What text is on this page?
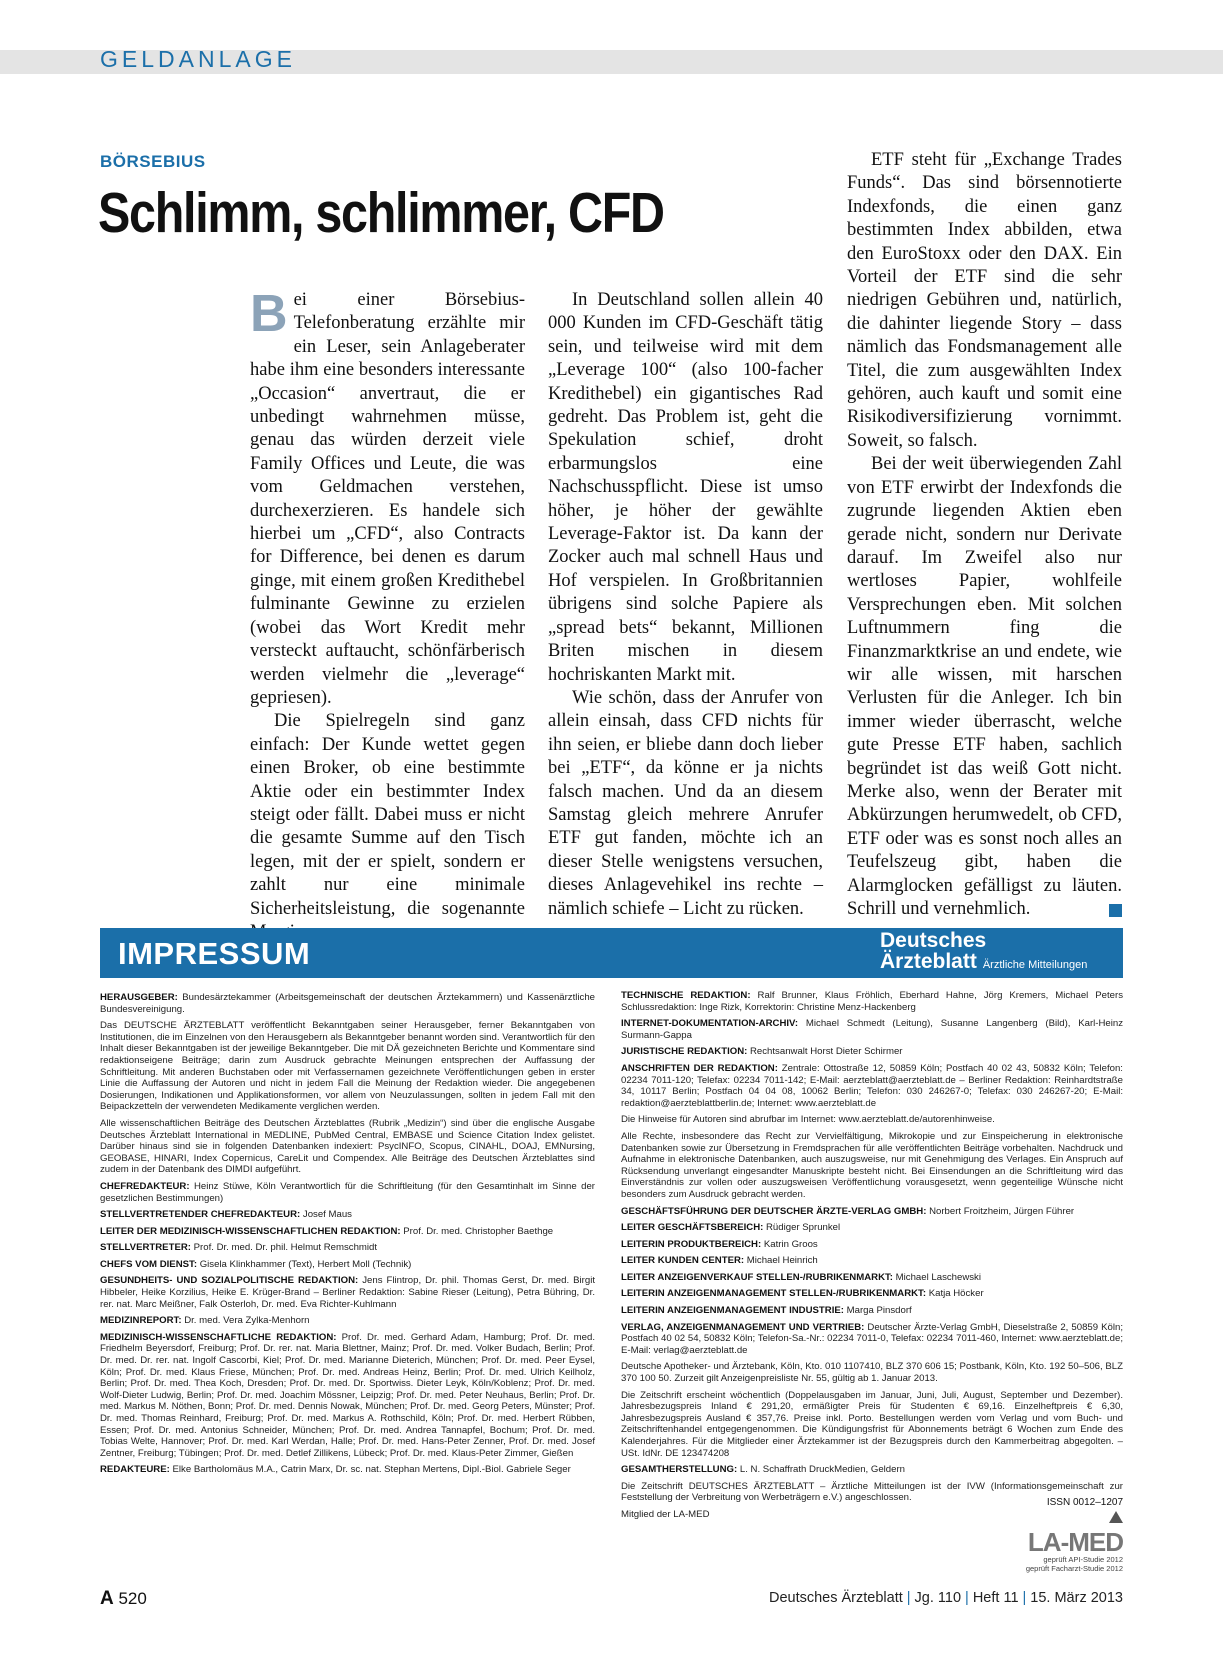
GELDANLAGE
BÖRSEBIUS
Schlimm, schlimmer, CFD

Bei einer Börsebius-Telefonberatung erzählte mir ein Leser, sein Anlageberater habe ihm eine besonders interessante „Occasion“ anvertraut, die er unbedingt wahrnehmen müsse, genau das würden derzeit viele Family Offices und Leute, die was vom Geldmachen verstehen, durchexerzieren. Es handele sich hierbei um „CFD“, also Contracts for Difference, bei denen es darum ginge, mit einem großen Kredithebel fulminante Gewinne zu erzielen (wobei das Wort Kredit mehr versteckt auftaucht, schönfärberisch werden vielmehr die „leverage“ gepriesen).

Die Spielregeln sind ganz einfach: Der Kunde wettet gegen einen Broker, ob eine bestimmte Aktie oder ein bestimmter Index steigt oder fällt. Dabei muss er nicht die gesamte Summe auf den Tisch legen, mit der er spielt, sondern er zahlt nur eine minimale Sicherheitsleistung, die sogenannte

In Deutschland sollen allein 40 000 Kunden im CFD-Geschäft tätig sein, und teilweise wird mit dem „Leverage 100“ (also 100-facher Kredithebel) ein gigantisches Rad gedreht. Das Problem ist, geht die Spekulation schief, droht erbarmungslos eine Nachschusspflicht. Diese ist umso höher, je höher der gewählte Leverage-Faktor ist. Da kann der Zocker auch mal schnell Haus und Hof verspielen. In Großbritannien übrigens sind solche Papiere als „spread bets“ bekannt, Millionen Briten mischen in diesem hochriskanten Markt mit.

Wie schön, dass der Anrufer von allein einsah, dass CFD nichts für ihn seien, er bliebe dann doch lieber bei „ETF“, da könne er ja nichts falsch machen. Und da an diesem Samstag gleich mehrere Anrufer ETF gut fanden, möchte ich an dieser Stelle wenigstens versuchen, dieses Anlagevehikel ins rechte – nämlich schiefe – Licht zu rücken.

ETF steht für „Exchange Trades Funds“. Das sind börsennotierte Indexfonds, die einen ganz bestimmten Index abbilden, etwa den EuroStoxx oder den DAX. Ein Vorteil der ETF sind die sehr niedrigen Gebühren und, natürlich, die dahinter liegende Story – dass nämlich das Fondsmanagement alle Titel, die zum ausgewählten Index gehören, auch kauft und somit eine Risikodiversifizierung vornimmt. Soweit, so falsch.

Bei der weit überwiegenden Zahl von ETF erwirbt der Indexfonds die zugrunde liegenden Aktien eben gerade nicht, sondern nur Derivate darauf. Im Zweifel also nur wertloses Papier, wohlfeile Versprechungen eben. Mit solchen Luftnummern fing die Finanzmarktkrise an und endete, wie wir alle wissen, mit harschen Verlusten für die Anleger. Ich bin immer wieder überrascht, welche gute Presse ETF haben, sachlich begründet ist das weiß Gott nicht. Merke also, wenn der Berater mit Abkürzungen herumwedelt, ob CFD, ETF oder was es sonst noch alles an Teufelszeug gibt, haben die Alarmglocken gefälligst zu läuten. Schrill und vernehmlich.

IMPRESSUM	Deutsches
Ärzteblatt Ärztliche Mitteilungen

HERAUSGEBER: Bundesärztekammer (Arbeitsgemeinschaft der deutschen Ärztekammern) und Kassenärztliche Bundesvereinigung.

Das DEUTSCHE ÄRZTEBLATT veröffentlicht Bekanntgaben seiner Herausgeber, ferner Bekanntgaben von Institutionen, die im Einzelnen von den Herausgebern als Bekanntgeber benannt worden sind. Verantwortlich für den Inhalt dieser Bekanntgaben ist der jeweilige Bekanntgeber. Die mit DÄ gezeichneten Berichte und Kommentare sind redaktionseigene Beiträge; darin zum Ausdruck gebrachte Meinungen entsprechen der Auffassung der Schriftleitung. Mit anderen Buchstaben oder mit Verfassernamen gezeichnete Veröffentlichungen geben in erster Linie die Auffassung der Autoren und nicht in jedem Fall die Meinung der Redaktion wieder. Die angegebenen Dosierungen, Indikationen und Applikationsformen, vor allem von Neuzulassungen, sollten in jedem Fall mit den Beipackzetteln der verwendeten Medikamente verglichen werden.

Alle wissenschaftlichen Beiträge des Deutschen Ärzteblattes (Rubrik „Medizin“) sind über die englische Ausgabe Deutsches Ärzteblatt International in MEDLINE, PubMed Central, EMBASE und Science Citation Index gelistet. Darüber hinaus sind sie in folgenden Datenbanken indexiert: PsycINFO, Scopus, CINAHL, DOAJ, EMNursing, GEOBASE, HINARI, Index Copernicus, CareLit und Compendex. Alle Beiträge des Deutschen Ärzteblattes sind zudem in der Datenbank des DIMDI aufgeführt.

CHEFREDAKTEUR: Heinz Stüwe, Köln Verantwortlich für die Schriftleitung (für den Gesamtinhalt im Sinne der gesetzlichen Bestimmungen)

STELLVERTRETENDER CHEFREDAKTEUR: Josef Maus

LEITER DER MEDIZINISCH-WISSENSCHAFTLICHEN REDAKTION: Prof. Dr. med. Christopher Baethge

STELLVERTRETER: Prof. Dr. med. Dr. phil. Helmut Remschmidt

CHEFS VOM DIENST: Gisela Klinkhammer (Text), Herbert Moll (Technik)

GESUNDHEITS- UND SOZIALPOLITISCHE REDAKTION: Jens Flintrop, Dr. phil. Thomas Gerst, Dr. med. Birgit Hibbeler, Heike Korzilius, Heike E. Krüger-Brand – Berliner Redaktion: Sabine Rieser (Leitung), Petra Bühring, Dr. rer. nat. Marc Meißner, Falk Osterloh, Dr. med. Eva Richter-Kuhlmann

MEDIZINREPORT: Dr. med. Vera Zylka-Menhorn

MEDIZINISCH-WISSENSCHAFTLICHE REDAKTION: Prof. Dr. med. Gerhard Adam, Hamburg; Prof. Dr. med. Friedhelm Beyersdorf, Freiburg; Prof. Dr. rer. nat. Maria Blettner, Mainz; Prof. Dr. med. Volker Budach, Berlin; Prof. Dr. med. Dr. rer. nat. Ingolf Cascorbi, Kiel; Prof. Dr. med. Marianne Dieterich, München; Prof. Dr. med. Peer Eysel, Köln; Prof. Dr. med. Klaus Friese, München; Prof. Dr. med. Andreas Heinz, Berlin; Prof. Dr. med. Ulrich Keilholz, Berlin; Prof. Dr. med. Thea Koch, Dresden; Prof. Dr. med. Dr. Sportwiss. Dieter Leyk, Köln/Koblenz; Prof. Dr. med. Wolf-Dieter Ludwig, Berlin; Prof. Dr. med. Joachim Mössner, Leipzig; Prof. Dr. med. Peter Neuhaus, Berlin; Prof. Dr. med. Markus M. Nöthen, Bonn; Prof. Dr. med. Dennis Nowak, München; Prof. Dr. med. Georg Peters, Münster; Prof. Dr. med. Thomas Reinhard, Freiburg; Prof. Dr. med. Markus A. Rothschild, Köln; Prof. Dr. med. Herbert Rübben, Essen; Prof. Dr. med. Antonius Schneider, München; Prof. Dr. med. Andrea Tannapfel, Bochum; Prof. Dr. med. Tobias Welte, Hannover; Prof. Dr. med. Karl Werdan, Halle; Prof. Dr. med. Hans-Peter Zenner, Prof. Dr. med. Josef Zentner, Freiburg; Tübingen; Prof. Dr. med. Detlef Zillikens, Lübeck; Prof. Dr. med. Klaus-Peter Zimmer, Gießen

REDAKTEURE: Elke Bartholomäus M.A., Catrin Marx, Dr. sc. nat. Stephan Mertens, Dipl.-Biol. Gabriele Seger

TECHNISCHE REDAKTION: Ralf Brunner, Klaus Fröhlich, Eberhard Hahne, Jörg Kremers, Michael Peters Schlussredaktion: Inge Rizk, Korrektorin: Christine Menz-Hackenberg

INTERNET-DOKUMENTATION-ARCHIV: Michael Schmedt (Leitung), Susanne Langenberg (Bild), Karl-Heinz Surmann-Gappa

JURISTISCHE REDAKTION: Rechtsanwalt Horst Dieter Schirmer

ANSCHRIFTEN DER REDAKTION: Zentrale: Ottostraße 12, 50859 Köln; Postfach 40 02 43, 50832 Köln; Telefon: 02234 7011-120; Telefax: 02234 7011-142; E-Mail: aerzteblatt@aerzteblatt.de – Berliner Redaktion: Reinhardtstraße 34, 10117 Berlin; Postfach 04 04 08, 10062 Berlin; Telefon: 030 246267-0; Telefax: 030 246267-20; E-Mail: redaktion@aerzteblattberlin.de; Internet: www.aerzteblatt.de

Die Hinweise für Autoren sind abrufbar im Internet: www.aerzteblatt.de/autorenhinweise.

Alle Rechte, insbesondere das Recht zur Vervielfältigung, Mikrokopie und zur Einspeicherung in elektronische Datenbanken sowie zur Übersetzung in Fremdsprachen für alle veröffentlichten Beiträge vorbehalten. Nachdruck und Aufnahme in elektronische Datenbanken, auch auszugsweise, nur mit Genehmigung des Verlages. Ein Anspruch auf Rücksendung unverlangt eingesandter Manuskripte besteht nicht. Bei Einsendungen an die Schriftleitung wird das Einverständnis zur vollen oder auszugsweisen Veröffentlichung vorausgesetzt, wenn gegenteilige Wünsche nicht besonders zum Ausdruck gebracht werden.

GESCHÄFTSFÜHRUNG DER DEUTSCHER ÄRZTE-VERLAG GMBH: Norbert Froitzheim, Jürgen Führer

LEITER GESCHÄFTSBEREICH: Rüdiger Sprunkel

LEITERIN PRODUKTBEREICH: Katrin Groos

LEITER KUNDEN CENTER: Michael Heinrich

LEITER ANZEIGENVERKAUF STELLEN-/RUBRIKENMARKT: Michael Laschewski

LEITERIN ANZEIGENMANAGEMENT STELLEN-/RUBRIKENMARKT: Katja Höcker

LEITERIN ANZEIGENMANAGEMENT INDUSTRIE: Marga Pinsdorf

VERLAG, ANZEIGENMANAGEMENT UND VERTRIEB: Deutscher Ärzte-Verlag GmbH, Dieselstraße 2, 50859 Köln; Postfach 40 02 54, 50832 Köln; Telefon-Sa.-Nr.: 02234 7011-0, Telefax: 02234 7011-460, Internet: www.aerzteblatt.de; E-Mail: verlag@aerzteblatt.de

Deutsche Apotheker- und Ärztebank, Köln, Kto. 010 1107410, BLZ 370 606 15; Postbank, Köln, Kto. 192 50–506, BLZ 370 100 50. Zurzeit gilt Anzeigenpreisliste Nr. 55, gültig ab 1. Januar 2013.

Die Zeitschrift erscheint wöchentlich (Doppelausgaben im Januar, Juni, Juli, August, September und Dezember). Jahresbezugspreis Inland € 291,20, ermäßigter Preis für Studenten € 69,16. Einzelheftpreis € 6,30, Jahresbezugspreis Ausland € 357,76. Preise inkl. Porto. Bestellungen werden vom Verlag und vom Buch- und Zeitschriftenhandel entgegengenommen. Die Kündigungsfrist für Abonnements beträgt 6 Wochen zum Ende des Kalenderjahres. Für die Mitglieder einer Ärztekammer ist der Bezugspreis durch den Kammerbeitrag abgegolten. – USt. IdNr. DE 123474208

GESAMTHERSTELLUNG: L. N. Schaffrath DruckMedien, Geldern

Die Zeitschrift DEUTSCHES ÄRZTEBLATT – Ärztliche Mitteilungen ist der IVW (Informationsgemeinschaft zur Feststellung der Verbreitung von Werbeträgern e.V.) angeschlossen.

Mitglied der LA-MED

ISSN 0012–1207
LA-MED
geprüft API-Studie 2012
geprüft Facharzt-Studie 2012
A 520	Deutsches Ärzteblatt | Jg. 110 | Heft 11 | 15. März 2013
